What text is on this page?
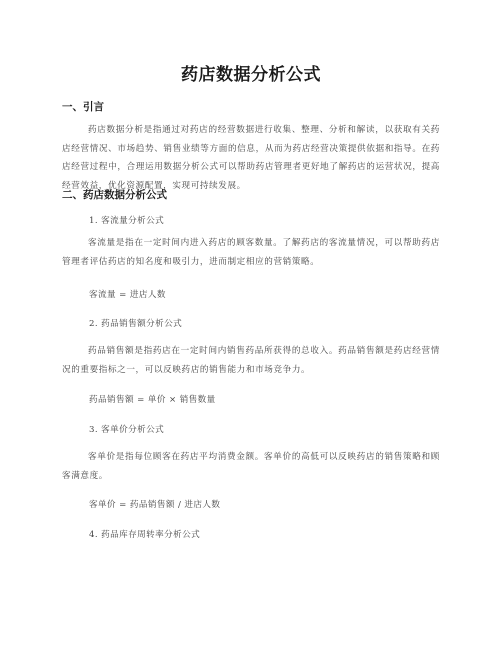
药店数据分析公式
一、引言
药店数据分析是指通过对药店的经营数据进行收集、整理、分析和解读，以获取有关药店经营情况、市场趋势、销售业绩等方面的信息，从而为药店经营决策提供依据和指导。在药店经营过程中，合理运用数据分析公式可以帮助药店管理者更好地了解药店的运营状况，提高经营效益，优化资源配置，实现可持续发展。
二、药店数据分析公式
1. 客流量分析公式
客流量是指在一定时间内进入药店的顾客数量。了解药店的客流量情况，可以帮助药店管理者评估药店的知名度和吸引力，进而制定相应的营销策略。
客流量 = 进店人数
2. 药品销售额分析公式
药品销售额是指药店在一定时间内销售药品所获得的总收入。药品销售额是药店经营情况的重要指标之一，可以反映药店的销售能力和市场竞争力。
药品销售额 = 单价 × 销售数量
3. 客单价分析公式
客单价是指每位顾客在药店平均消费金额。客单价的高低可以反映药店的销售策略和顾客满意度。
客单价 = 药品销售额 / 进店人数
4. 药品库存周转率分析公式
